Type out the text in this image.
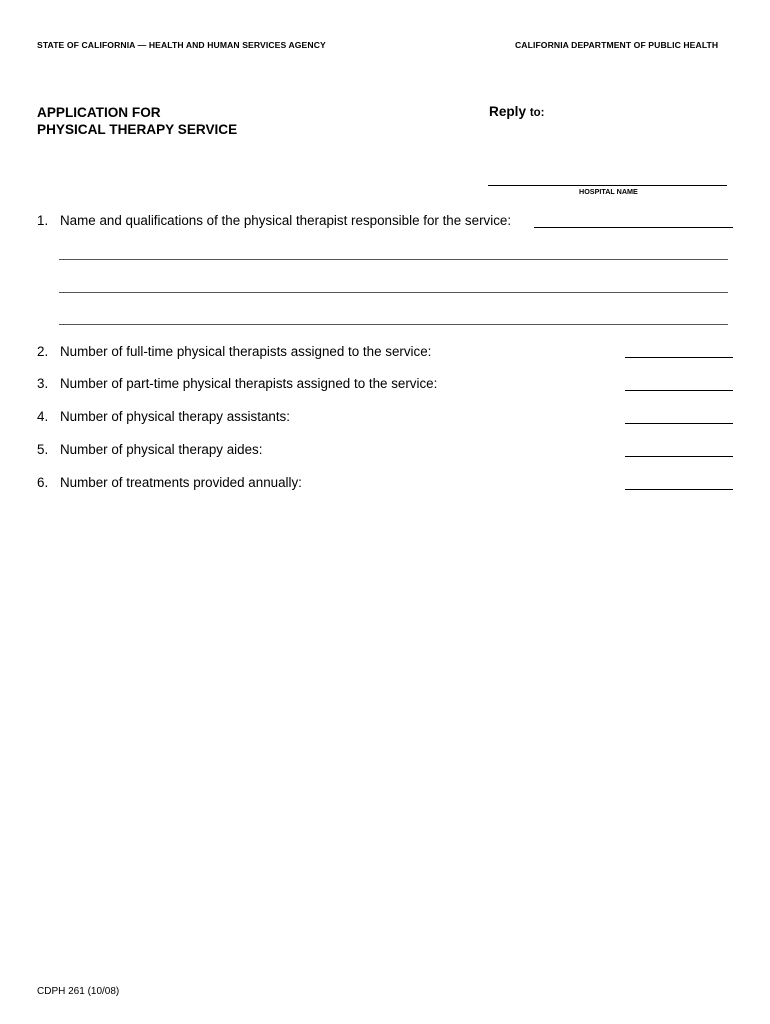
STATE OF CALIFORNIA — HEALTH AND HUMAN SERVICES AGENCY	CALIFORNIA DEPARTMENT OF PUBLIC HEALTH
APPLICATION FOR
PHYSICAL THERAPY SERVICE
Reply to:
HOSPITAL NAME
1. Name and qualifications of the physical therapist responsible for the service:
2. Number of full-time physical therapists assigned to the service:
3. Number of part-time physical therapists assigned to the service:
4. Number of physical therapy assistants:
5. Number of physical therapy aides:
6. Number of treatments provided annually:
CDPH 261 (10/08)
